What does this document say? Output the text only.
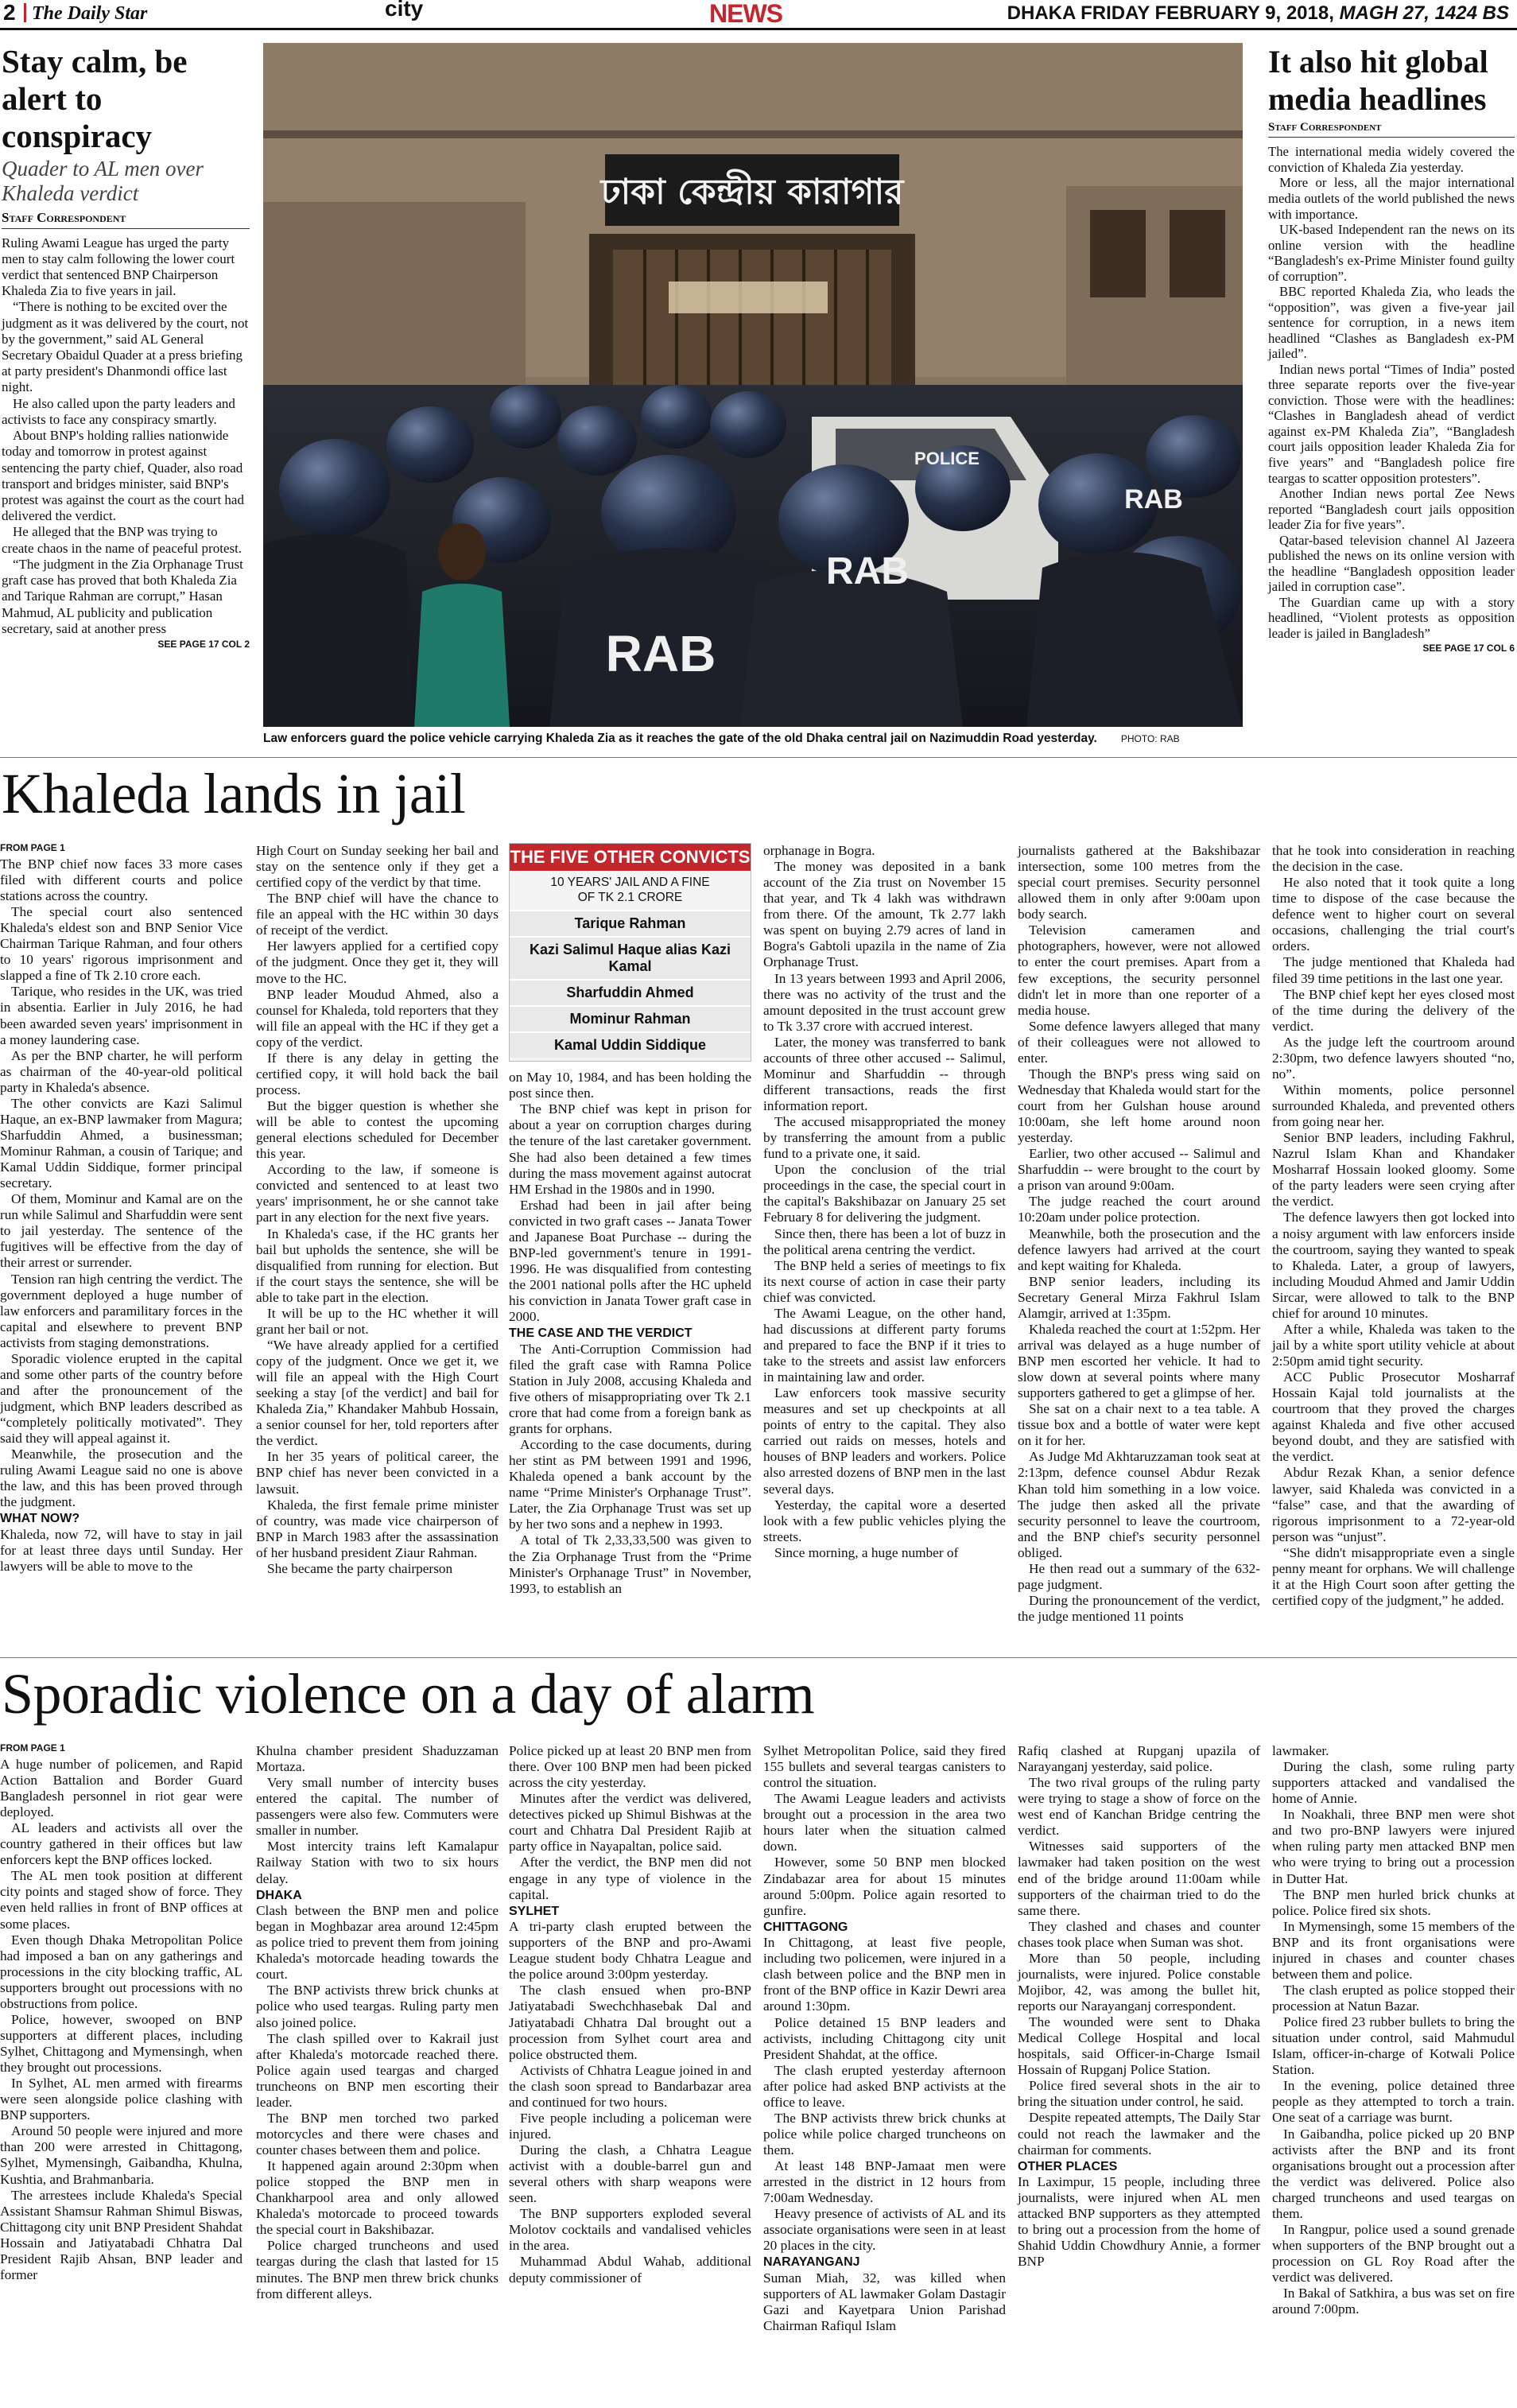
2 The Daily Star	city	NEWS	DHAKA FRIDAY FEBRUARY 9, 2018, MAGH 27, 1424 BS
Stay calm, be alert to conspiracy
Quader to AL men over Khaleda verdict
Staff Correspondent

Ruling Awami League has urged the party men to stay calm following the lower court verdict that sentenced BNP Chairperson Khaleda Zia to five years in jail.

“There is nothing to be excited over the judgment as it was delivered by the court, not by the government,” said AL General Secretary Obaidul Quader at a press briefing at party president's Dhanmondi office last night.

He also called upon the party leaders and activists to face any conspiracy smartly.

About BNP's holding rallies nationwide today and tomorrow in protest against sentencing the party chief, Quader, also road transport and bridges minister, said BNP's protest was against the court as the court had delivered the verdict.

He alleged that the BNP was trying to create chaos in the name of peaceful protest.

“The judgment in the Zia Orphanage Trust graft case has proved that both Khaleda Zia and Tarique Rahman are corrupt,” Hasan Mahmud, AL publicity and publication secretary, said at another press

SEE PAGE 17 COL 2
ঢাকা কেন্দ্রীয় কারাগার
RAB
RAB
RAB
POLICE
Law enforcers guard the police vehicle carrying Khaleda Zia as it reaches the gate of the old Dhaka central jail on Nazimuddin Road yesterday.	PHOTO: RAB
It also hit global media headlines
Staff Correspondent

The international media widely covered the conviction of Khaleda Zia yesterday.

More or less, all the major international media outlets of the world published the news with importance.

UK-based Independent ran the news on its online version with the headline “Bangladesh's ex-Prime Minister found guilty of corruption”.

BBC reported Khaleda Zia, who leads the “opposition”, was given a five-year jail sentence for corruption, in a news item headlined “Clashes as Bangladesh ex-PM jailed”.

Indian news portal “Times of India” posted three separate reports over the five-year conviction. Those were with the headlines: “Clashes in Bangladesh ahead of verdict against ex-PM Khaleda Zia”, “Bangladesh court jails opposition leader Khaleda Zia for five years” and “Bangladesh police fire teargas to scatter opposition protesters”.

Another Indian news portal Zee News reported “Bangladesh court jails opposition leader Zia for five years”.

Qatar-based television channel Al Jazeera published the news on its online version with the headline “Bangladesh opposition leader jailed in corruption case”.

The Guardian came up with a story headlined, “Violent protests as opposition leader is jailed in Bangladesh”

SEE PAGE 17 COL 6
Khaleda lands in jail
FROM PAGE 1

The BNP chief now faces 33 more cases filed with different courts and police stations across the country.

The special court also sentenced Khaleda's eldest son and BNP Senior Vice Chairman Tarique Rahman, and four others to 10 years' rigorous imprisonment and slapped a fine of Tk 2.10 crore each.

Tarique, who resides in the UK, was tried in absentia. Earlier in July 2016, he had been awarded seven years' imprisonment in a money laundering case.

As per the BNP charter, he will perform as chairman of the 40-year-old political party in Khaleda's absence.

The other convicts are Kazi Salimul Haque, an ex-BNP lawmaker from Magura; Sharfuddin Ahmed, a businessman; Mominur Rahman, a cousin of Tarique; and Kamal Uddin Siddique, former principal secretary.

Of them, Mominur and Kamal are on the run while Salimul and Sharfuddin were sent to jail yesterday. The sentence of the fugitives will be effective from the day of their arrest or surrender.

Tension ran high centring the verdict. The government deployed a huge number of law enforcers and paramilitary forces in the capital and elsewhere to prevent BNP activists from staging demonstrations.

Sporadic violence erupted in the capital and some other parts of the country before and after the pronouncement of the judgment, which BNP leaders described as “completely politically motivated”. They said they will appeal against it.

Meanwhile, the prosecution and the ruling Awami League said no one is above the law, and this has been proved through the judgment.

WHAT NOW?

Khaleda, now 72, will have to stay in jail for at least three days until Sunday. Her lawyers will be able to move to the

High Court on Sunday seeking her bail and stay on the sentence only if they get a certified copy of the verdict by that time.

The BNP chief will have the chance to file an appeal with the HC within 30 days of receipt of the verdict.

Her lawyers applied for a certified copy of the judgment. Once they get it, they will move to the HC.

BNP leader Moudud Ahmed, also a counsel for Khaleda, told reporters that they will file an appeal with the HC if they get a copy of the verdict.

If there is any delay in getting the certified copy, it will hold back the bail process.

But the bigger question is whether she will be able to contest the upcoming general elections scheduled for December this year.

According to the law, if someone is convicted and sentenced to at least two years' imprisonment, he or she cannot take part in any election for the next five years.

In Khaleda's case, if the HC grants her bail but upholds the sentence, she will be disqualified from running for election. But if the court stays the sentence, she will be able to take part in the election.

It will be up to the HC whether it will grant her bail or not.

“We have already applied for a certified copy of the judgment. Once we get it, we will file an appeal with the High Court seeking a stay [of the verdict] and bail for Khaleda Zia,” Khandaker Mahbub Hossain, a senior counsel for her, told reporters after the verdict.

In her 35 years of political career, the BNP chief has never been convicted in a lawsuit.

Khaleda, the first female prime minister of country, was made vice chairperson of BNP in March 1983 after the assassination of her husband president Ziaur Rahman.

She became the party chairperson

THE FIVE OTHER CONVICTS
10 YEARS' JAIL AND A FINE OF TK 2.1 CRORE
Tarique Rahman
Kazi Salimul Haque alias Kazi Kamal
Sharfuddin Ahmed
Mominur Rahman
Kamal Uddin Siddique

on May 10, 1984, and has been holding the post since then.

The BNP chief was kept in prison for about a year on corruption charges during the tenure of the last caretaker government. She had also been detained a few times during the mass movement against autocrat HM Ershad in the 1980s and in 1990.

Ershad had been in jail after being convicted in two graft cases -- Janata Tower and Japanese Boat Purchase -- during the BNP-led government's tenure in 1991-1996. He was disqualified from contesting the 2001 national polls after the HC upheld his conviction in Janata Tower graft case in 2000.

THE CASE AND THE VERDICT

The Anti-Corruption Commission had filed the graft case with Ramna Police Station in July 2008, accusing Khaleda and five others of misappropriating over Tk 2.1 crore that had come from a foreign bank as grants for orphans.

According to the case documents, during her stint as PM between 1991 and 1996, Khaleda opened a bank account by the name “Prime Minister's Orphanage Trust”. Later, the Zia Orphanage Trust was set up by her two sons and a nephew in 1993.

A total of Tk 2,33,33,500 was given to the Zia Orphanage Trust from the “Prime Minister's Orphanage Trust” in November, 1993, to establish an

orphanage in Bogra.

The money was deposited in a bank account of the Zia trust on November 15 that year, and Tk 4 lakh was withdrawn from there. Of the amount, Tk 2.77 lakh was spent on buying 2.79 acres of land in Bogra's Gabtoli upazila in the name of Zia Orphanage Trust.

In 13 years between 1993 and April 2006, there was no activity of the trust and the amount deposited in the trust account grew to Tk 3.37 crore with accrued interest.

Later, the money was transferred to bank accounts of three other accused -- Salimul, Mominur and Sharfuddin -- through different transactions, reads the first information report.

The accused misappropriated the money by transferring the amount from a public fund to a private one, it said.

Upon the conclusion of the trial proceedings in the case, the special court in the capital's Bakshibazar on January 25 set February 8 for delivering the judgment.

Since then, there has been a lot of buzz in the political arena centring the verdict.

The BNP held a series of meetings to fix its next course of action in case their party chief was convicted.

The Awami League, on the other hand, had discussions at different party forums and prepared to face the BNP if it tries to take to the streets and assist law enforcers in maintaining law and order.

Law enforcers took massive security measures and set up checkpoints at all points of entry to the capital. They also carried out raids on messes, hotels and houses of BNP leaders and workers. Police also arrested dozens of BNP men in the last several days.

Yesterday, the capital wore a deserted look with a few public vehicles plying the streets.

Since morning, a huge number of

journalists gathered at the Bakshibazar intersection, some 100 metres from the special court premises. Security personnel allowed them in only after 9:00am upon body search.

Television cameramen and photographers, however, were not allowed to enter the court premises. Apart from a few exceptions, the security personnel didn't let in more than one reporter of a media house.

Some defence lawyers alleged that many of their colleagues were not allowed to enter.

Though the BNP's press wing said on Wednesday that Khaleda would start for the court from her Gulshan house around 10:00am, she left home around noon yesterday.

Earlier, two other accused -- Salimul and Sharfuddin -- were brought to the court by a prison van around 9:00am.

The judge reached the court around 10:20am under police protection.

Meanwhile, both the prosecution and the defence lawyers had arrived at the court and kept waiting for Khaleda.

BNP senior leaders, including its Secretary General Mirza Fakhrul Islam Alamgir, arrived at 1:35pm.

Khaleda reached the court at 1:52pm. Her arrival was delayed as a huge number of BNP men escorted her vehicle. It had to slow down at several points where many supporters gathered to get a glimpse of her.

She sat on a chair next to a tea table. A tissue box and a bottle of water were kept on it for her.

As Judge Md Akhtaruzzaman took seat at 2:13pm, defence counsel Abdur Rezak Khan told him something in a low voice. The judge then asked all the private security personnel to leave the courtroom, and the BNP chief's security personnel obliged.

He then read out a summary of the 632-page judgment.

During the pronouncement of the verdict, the judge mentioned 11 points

that he took into consideration in reaching the decision in the case.

He also noted that it took quite a long time to dispose of the case because the defence went to higher court on several occasions, challenging the trial court's orders.

The judge mentioned that Khaleda had filed 39 time petitions in the last one year.

The BNP chief kept her eyes closed most of the time during the delivery of the verdict.

As the judge left the courtroom around 2:30pm, two defence lawyers shouted “no, no”.

Within moments, police personnel surrounded Khaleda, and prevented others from going near her.

Senior BNP leaders, including Fakhrul, Nazrul Islam Khan and Khandaker Mosharraf Hossain looked gloomy. Some of the party leaders were seen crying after the verdict.

The defence lawyers then got locked into a noisy argument with law enforcers inside the courtroom, saying they wanted to speak to Khaleda. Later, a group of lawyers, including Moudud Ahmed and Jamir Uddin Sircar, were allowed to talk to the BNP chief for around 10 minutes.

After a while, Khaleda was taken to the jail by a white sport utility vehicle at about 2:50pm amid tight security.

ACC Public Prosecutor Mosharraf Hossain Kajal told journalists at the courtroom that they proved the charges against Khaleda and five other accused beyond doubt, and they are satisfied with the verdict.

Abdur Rezak Khan, a senior defence lawyer, said Khaleda was convicted in a “false” case, and that the awarding of rigorous imprisonment to a 72-year-old person was “unjust”.

“She didn't misappropriate even a single penny meant for orphans. We will challenge it at the High Court soon after getting the certified copy of the judgment,” he added.

Sporadic violence on a day of alarm
FROM PAGE 1

A huge number of policemen, and Rapid Action Battalion and Border Guard Bangladesh personnel in riot gear were deployed.

AL leaders and activists all over the country gathered in their offices but law enforcers kept the BNP offices locked.

The AL men took position at different city points and staged show of force. They even held rallies in front of BNP offices at some places.

Even though Dhaka Metropolitan Police had imposed a ban on any gatherings and processions in the city blocking traffic, AL supporters brought out processions with no obstructions from police.

Police, however, swooped on BNP supporters at different places, including Sylhet, Chittagong and Mymensingh, when they brought out processions.

In Sylhet, AL men armed with firearms were seen alongside police clashing with BNP supporters.

Around 50 people were injured and more than 200 were arrested in Chittagong, Sylhet, Mymensingh, Gaibandha, Khulna, Kushtia, and Brahmanbaria.

The arrestees include Khaleda's Special Assistant Shamsur Rahman Shimul Biswas, Chittagong city unit BNP President Shahdat Hossain and Jatiyatabadi Chhatra Dal President Rajib Ahsan, BNP leader and former

Khulna chamber president Shaduzzaman Mortaza.

Very small number of intercity buses entered the capital. The number of passengers were also few. Commuters were smaller in number.

Most intercity trains left Kamalapur Railway Station with two to six hours delay.

DHAKA

Clash between the BNP men and police began in Moghbazar area around 12:45pm as police tried to prevent them from joining Khaleda's motorcade heading towards the court.

The BNP activists threw brick chunks at police who used teargas. Ruling party men also joined police.

The clash spilled over to Kakrail just after Khaleda's motorcade reached there. Police again used teargas and charged truncheons on BNP men escorting their leader.

The BNP men torched two parked motorcycles and there were chases and counter chases between them and police.

It happened again around 2:30pm when police stopped the BNP men in Chankharpool area and only allowed Khaleda's motorcade to proceed towards the special court in Bakshibazar.

Police charged truncheons and used teargas during the clash that lasted for 15 minutes. The BNP men threw brick chunks from different alleys.

Police picked up at least 20 BNP men from there. Over 100 BNP men had been picked across the city yesterday.

Minutes after the verdict was delivered, detectives picked up Shimul Bishwas at the court and Chhatra Dal President Rajib at party office in Nayapaltan, police said.

After the verdict, the BNP men did not engage in any type of violence in the capital.

SYLHET

A tri-party clash erupted between the supporters of the BNP and pro-Awami League student body Chhatra League and the police around 3:00pm yesterday.

The clash ensued when pro-BNP Jatiyatabadi Swechchhasebak Dal and Jatiyatabadi Chhatra Dal brought out a procession from Sylhet court area and police obstructed them.

Activists of Chhatra League joined in and the clash soon spread to Bandarbazar area and continued for two hours.

Five people including a policeman were injured.

During the clash, a Chhatra League activist with a double-barrel gun and several others with sharp weapons were seen.

The BNP supporters exploded several Molotov cocktails and vandalised vehicles in the area.

Muhammad Abdul Wahab, additional deputy commissioner of

Sylhet Metropolitan Police, said they fired 155 bullets and several teargas canisters to control the situation.

The Awami League leaders and activists brought out a procession in the area two hours later when the situation calmed down.

However, some 50 BNP men blocked Zindabazar area for about 15 minutes around 5:00pm. Police again resorted to gunfire.

CHITTAGONG

In Chittagong, at least five people, including two policemen, were injured in a clash between police and the BNP men in front of the BNP office in Kazir Dewri area around 1:30pm.

Police detained 15 BNP leaders and activists, including Chittagong city unit President Shahdat, at the office.

The clash erupted yesterday afternoon after police had asked BNP activists at the office to leave.

The BNP activists threw brick chunks at police while police charged truncheons on them.

At least 148 BNP-Jamaat men were arrested in the district in 12 hours from 7:00am Wednesday.

Heavy presence of activists of AL and its associate organisations were seen in at least 20 places in the city.

NARAYANGANJ

Suman Miah, 32, was killed when supporters of AL lawmaker Golam Dastagir Gazi and Kayetpara Union Parishad Chairman Rafiqul Islam

Rafiq clashed at Rupganj upazila of Narayanganj yesterday, said police.

The two rival groups of the ruling party were trying to stage a show of force on the west end of Kanchan Bridge centring the verdict.

Witnesses said supporters of the lawmaker had taken position on the west end of the bridge around 11:00am while supporters of the chairman tried to do the same there.

They clashed and chases and counter chases took place when Suman was shot.

More than 50 people, including journalists, were injured. Police constable Mojibor, 42, was among the bullet hit, reports our Narayanganj correspondent.

The wounded were sent to Dhaka Medical College Hospital and local hospitals, said Officer-in-Charge Ismail Hossain of Rupganj Police Station.

Police fired several shots in the air to bring the situation under control, he said.

Despite repeated attempts, The Daily Star could not reach the lawmaker and the chairman for comments.

OTHER PLACES

In Laximpur, 15 people, including three journalists, were injured when AL men attacked BNP supporters as they attempted to bring out a procession from the home of Shahid Uddin Chowdhury Annie, a former BNP

lawmaker.

During the clash, some ruling party supporters attacked and vandalised the home of Annie.

In Noakhali, three BNP men were shot and two pro-BNP lawyers were injured when ruling party men attacked BNP men who were trying to bring out a procession in Dutter Hat.

The BNP men hurled brick chunks at police. Police fired six shots.

In Mymensingh, some 15 members of the BNP and its front organisations were injured in chases and counter chases between them and police.

The clash erupted as police stopped their procession at Natun Bazar.

Police fired 23 rubber bullets to bring the situation under control, said Mahmudul Islam, officer-in-charge of Kotwali Police Station.

In the evening, police detained three people as they attempted to torch a train. One seat of a carriage was burnt.

In Gaibandha, police picked up 20 BNP activists after the BNP and its front organisations brought out a procession after the verdict was delivered. Police also charged truncheons and used teargas on them.

In Rangpur, police used a sound grenade when supporters of the BNP brought out a procession on GL Roy Road after the verdict was delivered.

In Bakal of Satkhira, a bus was set on fire around 7:00pm.
